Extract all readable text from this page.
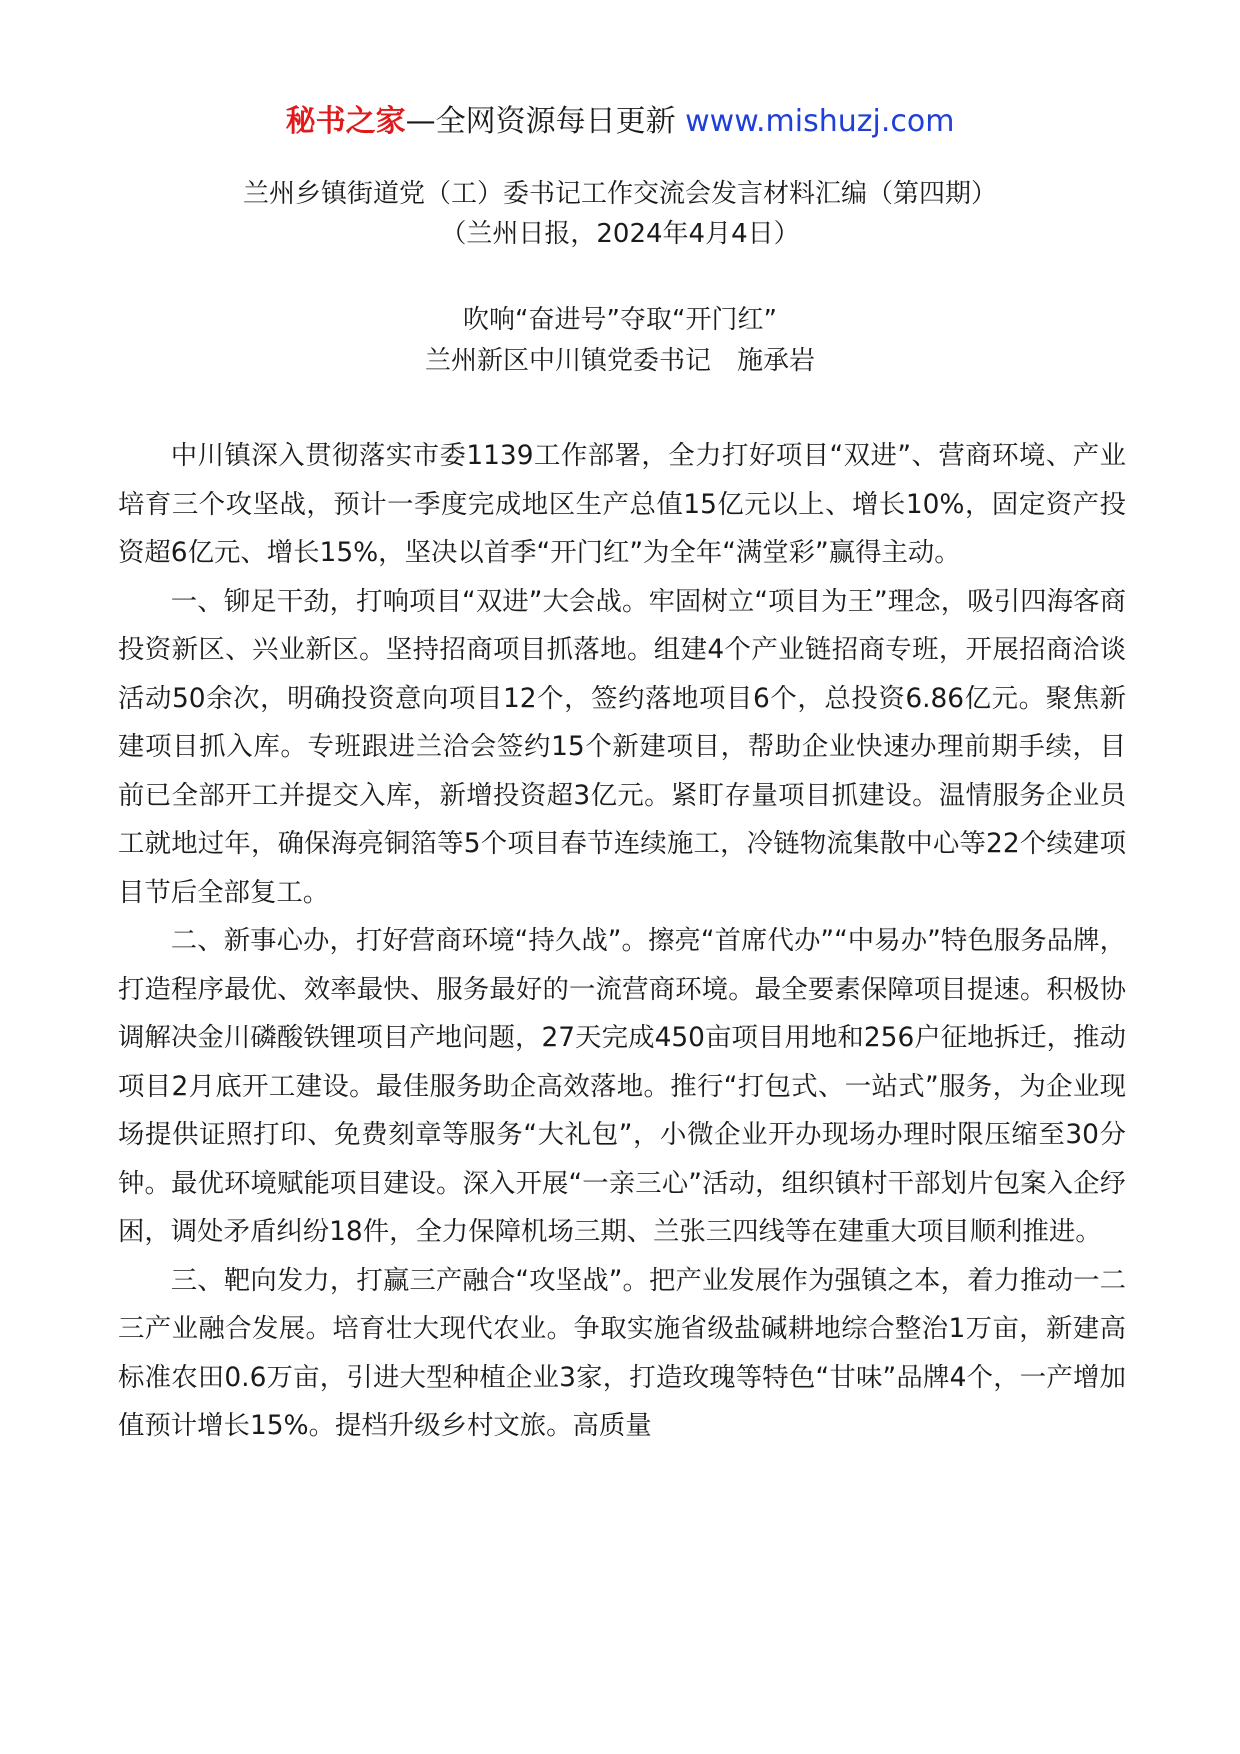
秘书之家—全网资源每日更新 www.mishuzj.com
兰州乡镇街道党（工）委书记工作交流会发言材料汇编（第四期）
（兰州日报，2024年4月4日）
吹响“奋进号”夺取“开门红”
兰州新区中川镇党委书记　施承岩

中川镇深入贯彻落实市委1139工作部署，全力打好项目“双进”、营商环境、产业培育三个攻坚战，预计一季度完成地区生产总值15亿元以上、增长10%，固定资产投资超6亿元、增长15%，坚决以首季“开门红”为全年“满堂彩”赢得主动。

一、铆足干劲，打响项目“双进”大会战。牢固树立“项目为王”理念，吸引四海客商投资新区、兴业新区。坚持招商项目抓落地。组建4个产业链招商专班，开展招商洽谈活动50余次，明确投资意向项目12个，签约落地项目6个，总投资6.86亿元。聚焦新建项目抓入库。专班跟进兰洽会签约15个新建项目，帮助企业快速办理前期手续，目前已全部开工并提交入库，新增投资超3亿元。紧盯存量项目抓建设。温情服务企业员工就地过年，确保海亮铜箔等5个项目春节连续施工，冷链物流集散中心等22个续建项目节后全部复工。

二、新事心办，打好营商环境“持久战”。擦亮“首席代办”“中易办”特色服务品牌，打造程序最优、效率最快、服务最好的一流营商环境。最全要素保障项目提速。积极协调解决金川磷酸铁锂项目产地问题，27天完成450亩项目用地和256户征地拆迁，推动项目2月底开工建设。最佳服务助企高效落地。推行“打包式、一站式”服务，为企业现场提供证照打印、免费刻章等服务“大礼包”，小微企业开办现场办理时限压缩至30分钟。最优环境赋能项目建设。深入开展“一亲三心”活动，组织镇村干部划片包案入企纾困，调处矛盾纠纷18件，全力保障机场三期、兰张三四线等在建重大项目顺利推进。

三、靶向发力，打赢三产融合“攻坚战”。把产业发展作为强镇之本，着力推动一二三产业融合发展。培育壮大现代农业。争取实施省级盐碱耕地综合整治1万亩，新建高标准农田0.6万亩，引进大型种植企业3家，打造玫瑰等特色“甘味”品牌4个，一产增加值预计增长15%。提档升级乡村文旅。高质量
